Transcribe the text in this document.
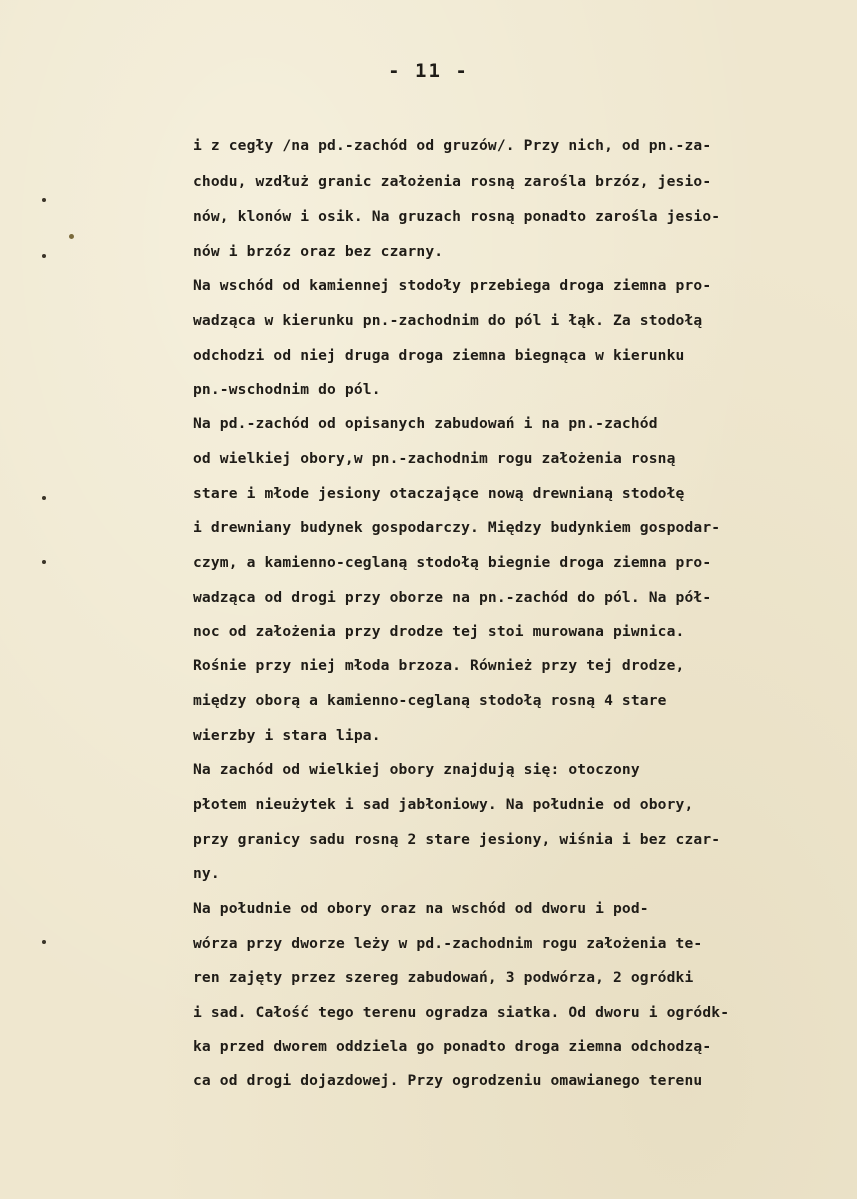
- 11 -
i z cegły /na pd.-zachód od gruzów/. Przy nich, od pn.-za-
chodu, wzdłuż granic założenia rosną zarośla brzóz, jesio-
nów, klonów i osik. Na gruzach rosną ponadto zarośla jesio-
nów i brzóz oraz bez czarny.
Na wschód od kamiennej stodoły przebiega droga ziemna pro-
wadząca w kierunku pn.-zachodnim do pól i łąk. Za stodołą
odchodzi od niej druga droga ziemna biegnąca w kierunku
pn.-wschodnim do pól.
Na pd.-zachód od opisanych zabudowań i na pn.-zachód
od wielkiej obory,w pn.-zachodnim rogu założenia rosną
stare i młode jesiony otaczające nową drewnianą stodołę
i drewniany budynek gospodarczy. Między budynkiem gospodar-
czym, a kamienno-ceglaną stodołą biegnie droga ziemna pro-
wadząca od drogi przy oborze na pn.-zachód do pól. Na pół-
noc od założenia przy drodze tej stoi murowana piwnica.
Rośnie przy niej młoda brzoza. Również przy tej drodze,
między oborą a kamienno-ceglaną stodołą rosną 4 stare
wierzby i stara lipa.
Na zachód od wielkiej obory znajdują się: otoczony
płotem nieużytek i sad jabłoniowy. Na południe od obory,
przy granicy sadu rosną 2 stare jesiony, wiśnia i bez czar-
ny.
Na południe od obory oraz na wschód od dworu i pod-
wórza przy dworze leży w pd.-zachodnim rogu założenia te-
ren zajęty przez szereg zabudowań, 3 podwórza, 2 ogródki
i sad. Całość tego terenu ogradza siatka. Od dworu i ogródk-
ka przed dworem oddziela go ponadto droga ziemna odchodzą-
ca od drogi dojazdowej. Przy ogrodzeniu omawianego terenu
